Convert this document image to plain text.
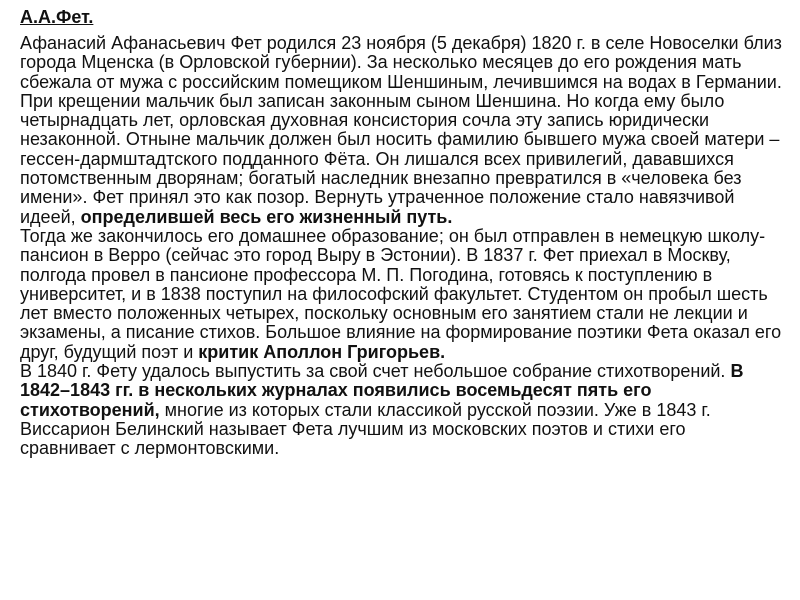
А.А.Фет.

Афанасий Афанасьевич Фет родился 23 ноября (5 декабря) 1820 г. в селе Новоселки близ города Мценска (в Орловской губернии). За несколько месяцев до его рождения мать сбежала от мужа с российским помещиком Шеншиным, лечившимся на водах в Германии. При крещении мальчик был записан законным сыном Шеншина. Но когда ему было четырнадцать лет, орловская духовная консистория сочла эту запись юридически незаконной. Отныне мальчик должен был носить фамилию бывшего мужа своей матери – гессен-дармштадтского подданного Фёта. Он лишался всех привилегий, дававшихся потомственным дворянам; богатый наследник внезапно превратился в «человека без имени». Фет принял это как позор. Вернуть утраченное положение стало навязчивой идеей, определившей весь его жизненный путь.

Тогда же закончилось его домашнее образование; он был отправлен в немецкую школу-пансион в Верро (сейчас это город Выру в Эстонии). В 1837 г. Фет приехал в Москву, полгода провел в пансионе профессора М. П. Погодина, готовясь к поступлению в университет, и в 1838 поступил на философский факультет. Студентом он пробыл шесть лет вместо положенных четырех, поскольку основным его занятием стали не лекции и экзамены, а писание стихов. Большое влияние на формирование поэтики Фета оказал его друг, будущий поэт и критик Аполлон Григорьев.

В 1840 г. Фету удалось выпустить за свой счет небольшое собрание стихотворений. В 1842–1843 гг. в нескольких журналах появились восемьдесят пять его стихотворений, многие из которых стали классикой русской поэзии. Уже в 1843 г. Виссарион Белинский называет Фета лучшим из московских поэтов и стихи его сравнивает с лермонтовскими.
